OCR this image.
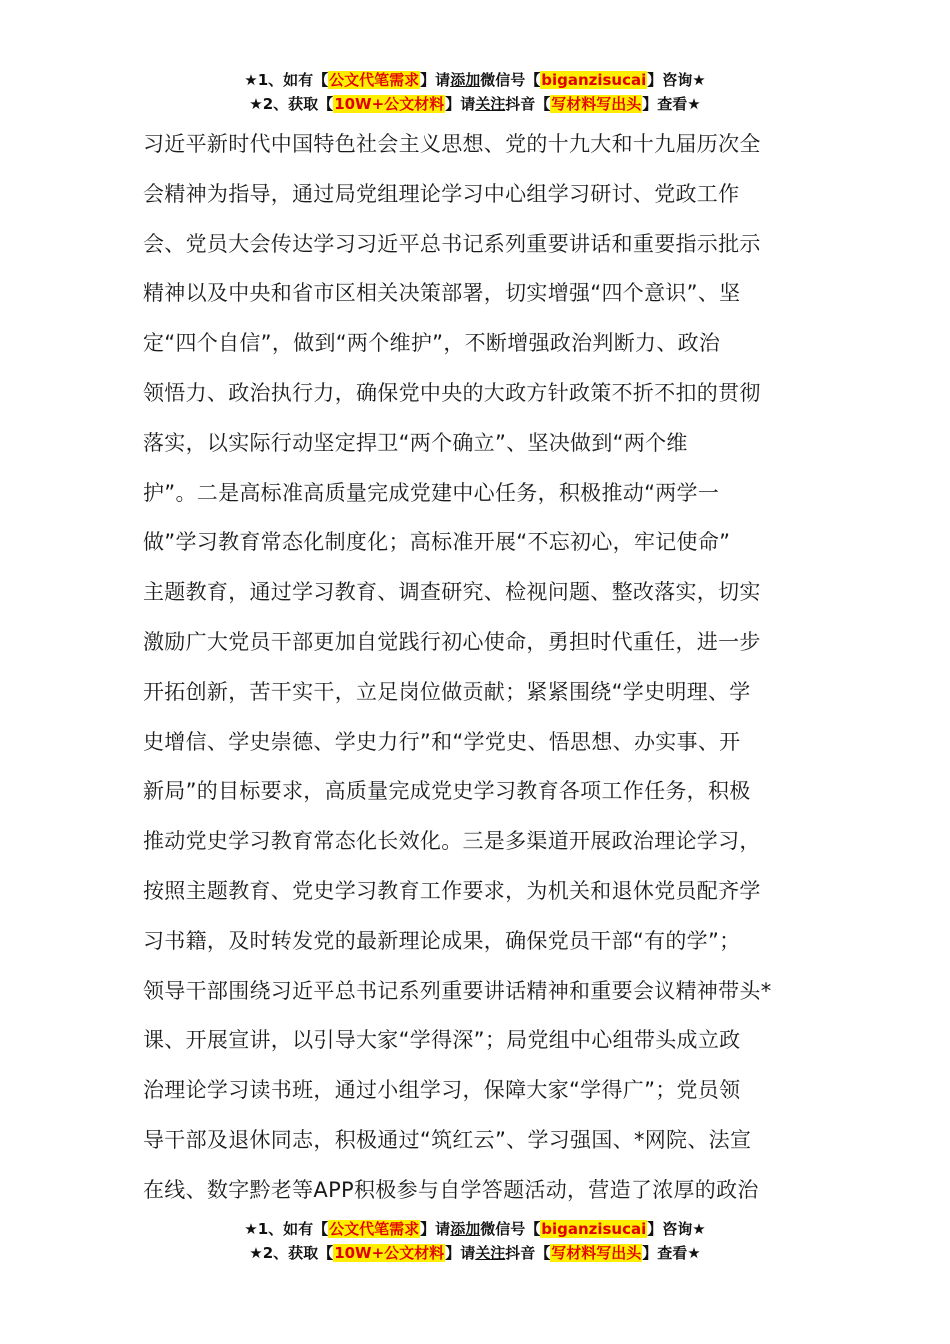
★1、如有【公文代笔需求】请添加微信号【biganzisucai】咨询★
★2、获取【10W+公文材料】请关注抖音【写材料写出头】查看★
习近平新时代中国特色社会主义思想、党的十九大和十九届历次全
会精神为指导，通过局党组理论学习中心组学习研讨、党政工作
会、党员大会传达学习习近平总书记系列重要讲话和重要指示批示
精神以及中央和省市区相关决策部署，切实增强“四个意识”、坚
定“四个自信”，做到“两个维护”，不断增强政治判断力、政治
领悟力、政治执行力，确保党中央的大政方针政策不折不扣的贯彻
落实，以实际行动坚定捍卫“两个确立”、坚决做到“两个维
护”。二是高标准高质量完成党建中心任务，积极推动“两学一
做”学习教育常态化制度化；高标准开展“不忘初心，牢记使命”
主题教育，通过学习教育、调查研究、检视问题、整改落实，切实
激励广大党员干部更加自觉践行初心使命，勇担时代重任，进一步
开拓创新，苦干实干，立足岗位做贡献；紧紧围绕“学史明理、学
史增信、学史崇德、学史力行”和“学党史、悟思想、办实事、开
新局”的目标要求，高质量完成党史学习教育各项工作任务，积极
推动党史学习教育常态化长效化。三是多渠道开展政治理论学习，
按照主题教育、党史学习教育工作要求，为机关和退休党员配齐学
习书籍，及时转发党的最新理论成果，确保党员干部“有的学”；
领导干部围绕习近平总书记系列重要讲话精神和重要会议精神带头*
课、开展宣讲，以引导大家“学得深”；局党组中心组带头成立政
治理论学习读书班，通过小组学习，保障大家“学得广”；党员领
导干部及退休同志，积极通过“筑红云”、学习强国、*网院、法宣
在线、数字黔老等APP积极参与自学答题活动，营造了浓厚的政治
★1、如有【公文代笔需求】请添加微信号【biganzisucai】咨询★
★2、获取【10W+公文材料】请关注抖音【写材料写出头】查看★
